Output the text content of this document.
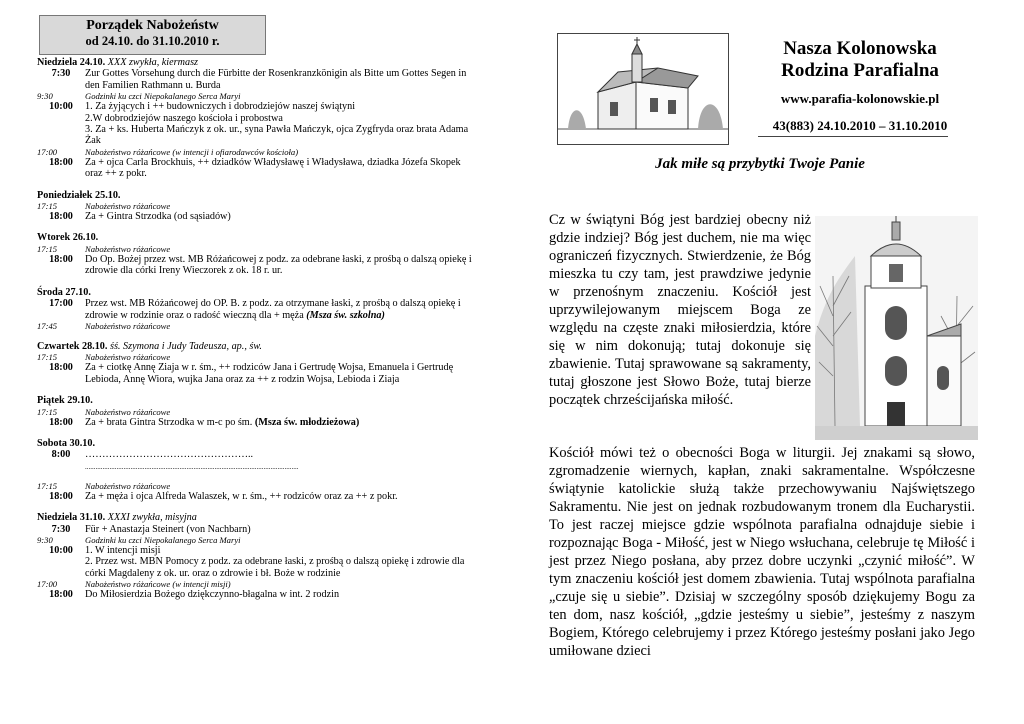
Porządek Nabożeństw
od 24.10. do 31.10.2010 r.
Niedziela 24.10. XXX zwykła, kiermasz
7:30	Zur Gottes Vorsehung durch die Fürbitte der Rosenkranzkönigin als Bitte um Gottes Segen in den Familien Rathmann u. Burda
9:30	Godzinki ku czci Niepokalanego Serca Maryi
10:00	1. Za żyjących i ++ budowniczych i dobrodziejów naszej świątyni
2.W dobrodziejów naszego kościoła i probostwa
3. Za + ks. Huberta Mańczyk z ok. ur., syna Pawła Mańczyk, ojca Zygfryda oraz brata Adama Żak
17:00	Nabożeństwo różańcowe (w intencji i ofiarodawców kościoła)
18:00	Za + ojca Carla Brockhuis, ++ dziadków Władysławę i Władysława, dziadka Józefa Skopek oraz ++ z pokr.
Poniedziałek 25.10.
17:15	Nabożeństwo różańcowe
18:00	Za + Gintra Strzodka (od sąsiadów)
Wtorek 26.10.
17:15	Nabożeństwo różańcowe
18:00	Do Op. Bożej przez wst. MB Różańcowej z podz. za odebrane łaski, z prośbą o dalszą opiekę i zdrowie dla córki Ireny Wieczorek z ok. 18 r. ur.
Środa 27.10.
17:00	Przez wst. MB Różańcowej do OP. B. z podz. za otrzymane łaski, z prośbą o dalszą opiekę i zdrowie w rodzinie oraz o radość wieczną dla + męża (Msza św. szkolna)
17:45	Nabożeństwo różańcowe
Czwartek 28.10. śś. Szymona i Judy Tadeusza, ap., św.
17:15	Nabożeństwo różańcowe
18:00	Za + ciotkę Annę Ziaja w r. śm., ++ rodziców Jana i Gertrudę Wojsa, Emanuela i Gertrudę Lebioda, Annę Wiora, wujka Jana oraz za ++ z rodzin Wojsa, Lebioda i Ziaja
Piątek 29.10.
17:15	Nabożeństwo różańcowe
18:00	Za + brata Gintra Strzodka w m-c po śm. (Msza św. młodzieżowa)
Sobota 30.10.
8:00	…………………………………………..
..........................................................................................................................
17:15	Nabożeństwo różańcowe
18:00	Za + męża i ojca Alfreda Walaszek, w r. śm., ++ rodziców oraz za ++ z pokr.
Niedziela 31.10. XXXI zwykła, misyjna
7:30	Für + Anastazja Steinert (von Nachbarn)
9:30	Godzinki ku czci Niepokalanego Serca Maryi
10:00	1. W intencji misji
2. Przez wst. MBN Pomocy z podz. za odebrane łaski, z prośbą o dalszą opiekę i zdrowie dla córki Magdaleny z ok. ur. oraz o zdrowie i bł. Boże w rodzinie
17:00	Nabożeństwo różańcowe (w intencji misji)
18:00	Do Miłosierdzia Bożego dziękczynno-błagalna w int. 2 rodzin
Nasza Kolonowska
Rodzina Parafialna
www.parafia-kolonowskie.pl
43(883) 24.10.2010 – 31.10.2010
Jak miłe są przybytki Twoje Panie

Cz w świątyni Bóg jest bardziej obecny niż gdzie indziej? Bóg jest duchem, nie ma więc ograniczeń fizycznych. Stwierdzenie, że Bóg mieszka tu czy tam, jest prawdziwe jedynie w przenośnym znaczeniu. Kościół jest uprzywilejowanym miejscem Boga ze względu na częste znaki miłosierdzia, które się w nim dokonują; tutaj dokonuje się zbawienie. Tutaj sprawowane są sakramenty, tutaj głoszone jest Słowo Boże, tutaj bierze początek chrześcijańska miłość.

Kościół mówi też o obecności Boga w liturgii. Jej znakami są słowo, zgromadzenie wiernych, kapłan, znaki sakramentalne. Współczesne świątynie katolickie służą także przechowywaniu Najświętszego Sakramentu. Nie jest on jednak rozbudowanym tronem dla Eucharystii. To jest raczej miejsce gdzie wspólnota parafialna odnajduje siebie i rozpoznając Boga - Miłość, jest w Niego wsłuchana, celebruje tę Miłość i jest przez Niego posłana, aby przez dobre uczynki „czynić miłość”. W tym znaczeniu kościół jest domem zbawienia. Tutaj wspólnota parafialna „czuje się u siebie”. Dzisiaj w szczególny sposób dziękujemy Bogu za ten dom, nasz kościół, „gdzie jesteśmy u siebie”, jesteśmy z naszym Bogiem, Którego celebrujemy i przez Którego jesteśmy posłani jako Jego umiłowane dzieci
